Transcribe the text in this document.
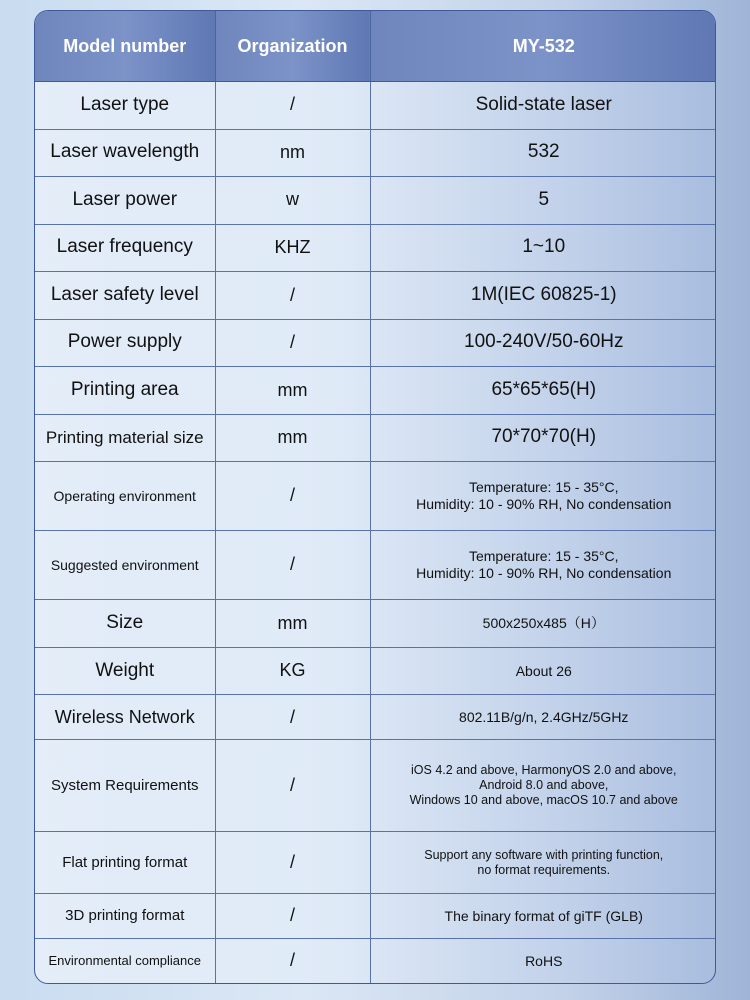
Model number	Organization	MY-532
Laser type	/	Solid-state laser
Laser wavelength	nm	532
Laser power	w	5
Laser frequency	KHZ	1~10
Laser safety level	/	1M(IEC 60825-1)
Power supply	/	100-240V/50-60Hz
Printing area	mm	65*65*65(H)
Printing material size	mm	70*70*70(H)
Operating environment	/	Temperature: 15 - 35°C,
Humidity: 10 - 90% RH, No condensation

Suggested environment	/	Temperature: 15 - 35°C,
Humidity: 10 - 90% RH, No condensation

Size	mm	500x250x485（H）
Weight	KG	About 26
Wireless Network	/	802.11B/g/n, 2.4GHz/5GHz
System Requirements	/	iOS 4.2 and above, HarmonyOS 2.0 and above,
Android 8.0 and above,
Windows 10 and above, macOS 10.7 and above

Flat printing format	/	Support any software with printing function,
no format requirements.

3D printing format	/	The binary format of giTF (GLB)
Environmental compliance	/	RoHS
